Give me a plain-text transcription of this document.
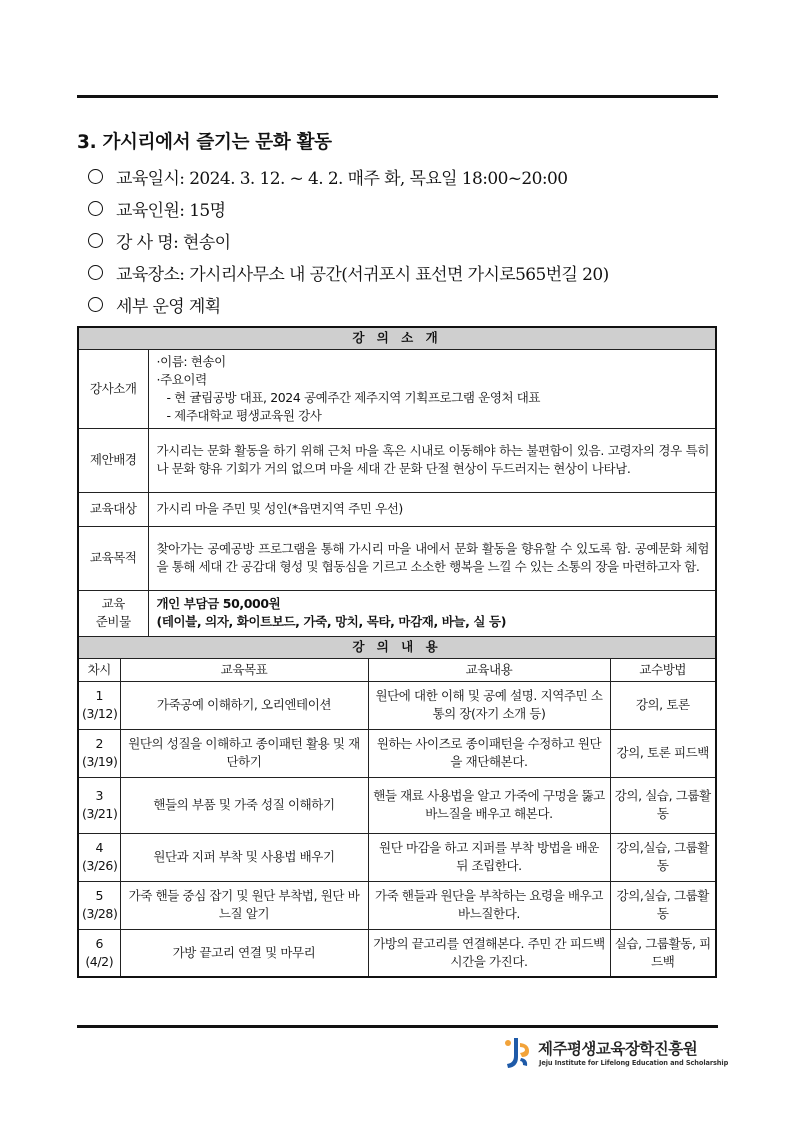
3. 가시리에서 즐기는 문화 활동
교육일시: 2024. 3. 12. ~ 4. 2. 매주 화, 목요일 18:00~20:00
교육인원: 15명
강 사 명: 현송이
교육장소: 가시리사무소 내 공간(서귀포시 표선면 가시로565번길 20)
세부 운영 계획
강 의 소 개				
강사소개		·이름: 현송이
·주요이력
- 현 귤림공방 대표, 2024 공예주간 제주지역 기획프로그램 운영처 대표
- 제주대학교 평생교육원 강사		

제안배경		가시리는 문화 활동을 하기 위해 근처 마을 혹은 시내로 이동해야 하는 불편함이 있음. 고령자의 경우 특히나 문화 향유 기회가 거의 없으며 마을 세대 간 문화 단절 현상이 두드러지는 현상이 나타남.		
교육대상		가시리 마을 주민 및 성인(*읍면지역 주민 우선)		
교육목적		찾아가는 공예공방 프로그램을 통해 가시리 마을 내에서 문화 활동을 향유할 수 있도록 함. 공예문화 체험을 통해 세대 간 공감대 형성 및 협동심을 기르고 소소한 행복을 느낄 수 있는 소통의 장을 마련하고자 함.		

교육
준비물		개인 부담금 50,000원
(테이블, 의자, 화이트보드, 가죽, 망치, 목타, 마감재, 바늘, 실 등)		

강 의 내 용				
차시	교육목표		교육내용	교수방법

1
(3/12)	가죽공예 이해하기, 오리엔테이션		원단에 대한 이해 및 공예 설명. 지역주민 소통의 장(자기 소개 등)	강의, 토론

2
(3/19)	원단의 성질을 이해하고 종이패턴 활용 및 재단하기		원하는 사이즈로 종이패턴을 수정하고 원단을 재단해본다.	강의, 토론 피드백

3
(3/21)	핸들의 부품 및 가죽 성질 이해하기		핸들 재료 사용법을 알고 가죽에 구멍을 뚫고 바느질을 배우고 해본다.	강의, 실습, 그룹활동

4
(3/26)	원단과 지퍼 부착 및 사용법 배우기		원단 마감을 하고 지퍼를 부착 방법을 배운 뒤 조립한다.	강의,실습, 그룹활동

5
(3/28)	가죽 핸들 중심 잡기 및 원단 부착법, 원단 바느질 알기		가죽 핸들과 원단을 부착하는 요령을 배우고 바느질한다.	강의,실습, 그룹활동

6
(4/2)	가방 끝고리 연결 및 마무리		가방의 끝고리를 연결해본다. 주민 간 피드백 시간을 가진다.	실습, 그룹활동, 피드백
제주평생교육장학진흥원
Jeju Institute for Lifelong Education and Scholarship
